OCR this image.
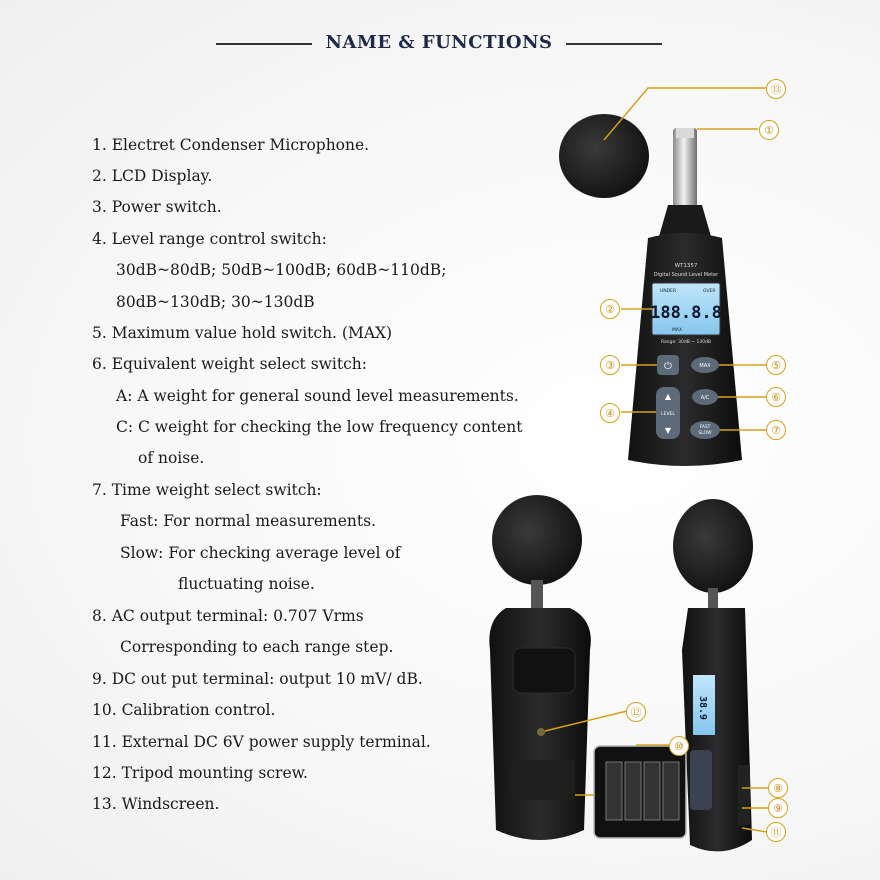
NAME & FUNCTIONS
1. Electret Condenser Microphone.
2. LCD Display.
3. Power switch.
4. Level range control switch:
30dB~80dB; 50dB~100dB; 60dB~110dB;
80dB~130dB; 30~130dB
5. Maximum value hold switch. (MAX)
6. Equivalent weight select switch:
A: A weight for general sound level measurements.
C: C weight for checking the low frequency content
of noise.
7. Time weight select switch:
Fast: For normal measurements.
Slow: For checking average level of
fluctuating noise.
8. AC output terminal: 0.707 Vrms
Corresponding to each range step.
9. DC out put terminal: output 10 mV/ dB.
10. Calibration control.
11. External DC 6V power supply terminal.
12. Tripod mounting screw.
13. Windscreen.
WT1357
Digital Sound Level Meter
UNDER	OVER
188.8.8
MAX
Range: 30dB ~ 130dB
⏻	MAX
▲
LEVEL
▼
A/C
FAST
SLOW
38.9
⑬
①
②
③
④
⑤
⑥
⑦
⑫
⑩
⑧
⑨
⑪
